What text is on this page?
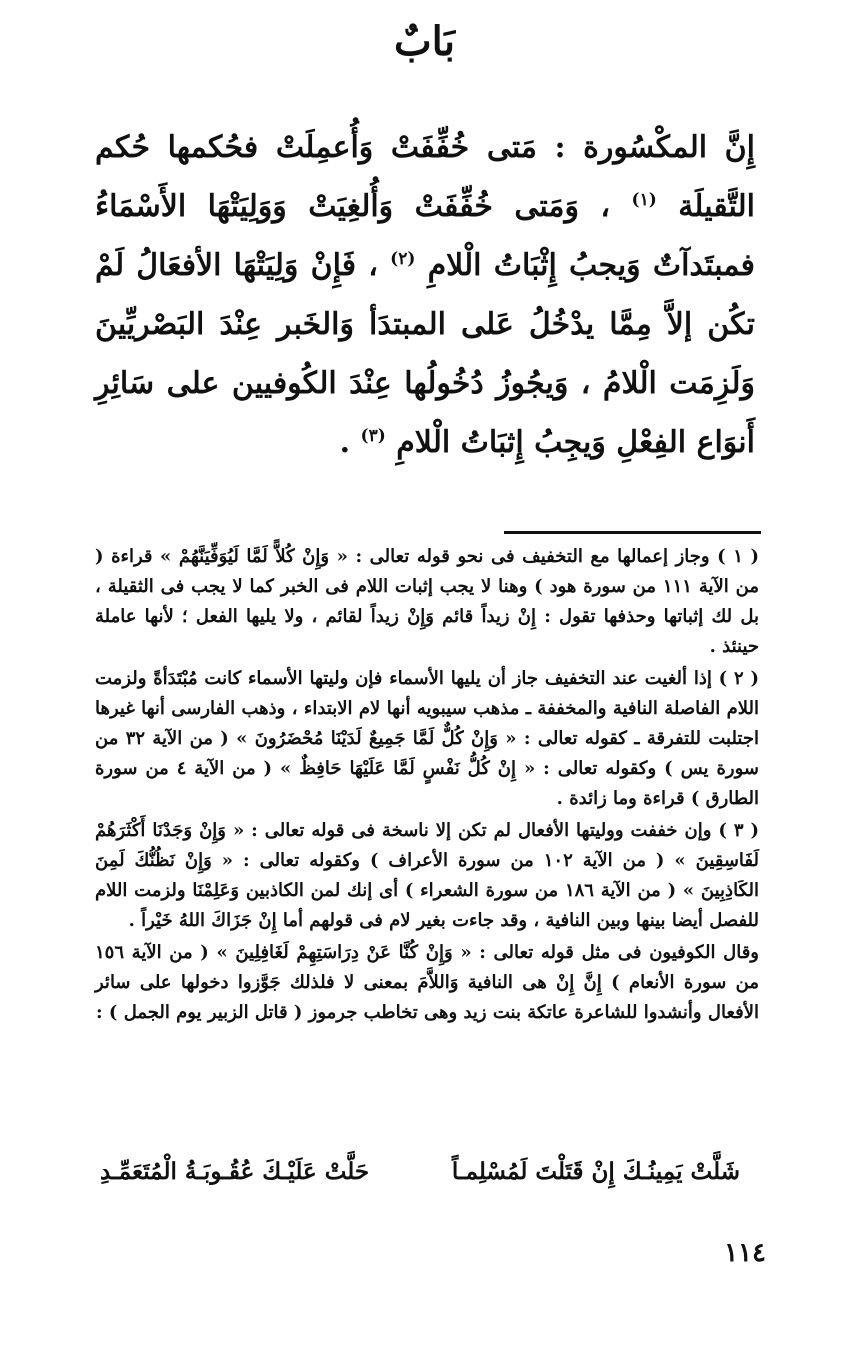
بَابٌ

إِنَّ المكْسُورة : مَتى خُفِّفَتْ وَأُعمِلَتْ فحُكمها حُكم التَّقيلَة $^{(١)}$ ، وَمَتى خُفِّفَتْ وَأُلغِيَتْ وَوَلِيَتْهَا الأَسْمَاءُ فمبتَدآتٌ وَيجبُ إِثْبَاتُ الْلامِ $^{(٢)}$ ، فَإِنْ وَلِيَتْهَا الأفعَالُ لَمْ تكُن إلاَّ مِمَّا يدْخُلُ عَلى المبتدَأ وَالخَبر عِنْدَ البَصْريِّينَ وَلَزِمَت الْلامُ ، وَيجُوزُ دُخُولُها عِنْدَ الكُوفيين على سَائِرِ أَنوَاع الفِعْلِ وَيجِبُ إِثبَاتُ الْلامِ $^{(٣)}$ .

( ١ ) وجاز إعمالها مع التخفيف فى نحو قوله تعالى : « وَإِنْ كُلاًّ لَمَّا لَيُوَفِّيَنَّهُمْ » قراءة ( من الآية ١١١ من سورة هود ) وهنا لا يجب إثبات اللام فى الخبر كما لا يجب فى الثقيلة ، بل لك إثباتها وحذفها تقول : إِنْ زيداً قائم وَإِنْ زيداً لقائم ، ولا يليها الفعل ؛ لأنها عاملة حينئذ .

( ٢ ) إذا ألغيت عند التخفيف جاز أن يليها الأسماء فإن وليتها الأسماء كانت مُبْتَدَأةً ولزمت اللام الفاصلة النافية والمخففة ـ مذهب سيبويه أنها لام الابتداء ، وذهب الفارسى أنها غيرها اجتلبت للتفرقة ـ كقوله تعالى : « وَإِنْ كُلٌّ لَمَّا جَمِيعٌ لَدَيْنَا مُحْضَرُونَ » ( من الآية ٣٢ من سورة يس ) وكقوله تعالى : « إِنْ كُلُّ نَفْسٍ لَمَّا عَلَيْهَا حَافِظٌ » ( من الآية ٤ من سورة الطارق ) قراءة وما زائدة .

( ٣ ) وإن خففت ووليتها الأفعال لم تكن إلا ناسخة فى قوله تعالى : « وَإِنْ وَجَدْنَا أَكْثَرَهُمْ لَفَاسِقِينَ » ( من الآية ١٠٢ من سورة الأعراف ) وكقوله تعالى : « وَإِنْ نَظُنُّكَ لَمِنَ الكَاذِبِينَ » ( من الآية ١٨٦ من سورة الشعراء ) أى إنك لمن الكاذبين وَعَلِمْنَا ولزمت اللام للفصل أيضا بينها وبين النافية ، وقد جاءت بغير لام فى قولهم أما إِنْ جَزَاكَ اللهُ خَيْراً .

وقال الكوفيون فى مثل قوله تعالى : « وَإِنْ كُنَّا عَنْ دِرَاسَتِهِمْ لَغَافِلِينَ » ( من الآية ١٥٦ من سورة الأنعام ) إِنَّ إِنْ هى النافية وَاللاَّمَ بمعنى لا فلذلك جَوَّزوا دخولها على سائر الأفعال وأنشدوا للشاعرة عاتكة بنت زيد وهى تخاطب جرموز ( قاتل الزبير يوم الجمل ) :

شَلَّتْ يَمِينُـكَ إِنْ قَتَلْتَ لَمُسْلِمـاً
حَلَّتْ عَلَيْـكَ عُقُـوبَـةُ الْمُتَعَمِّـدِ
١١٤
